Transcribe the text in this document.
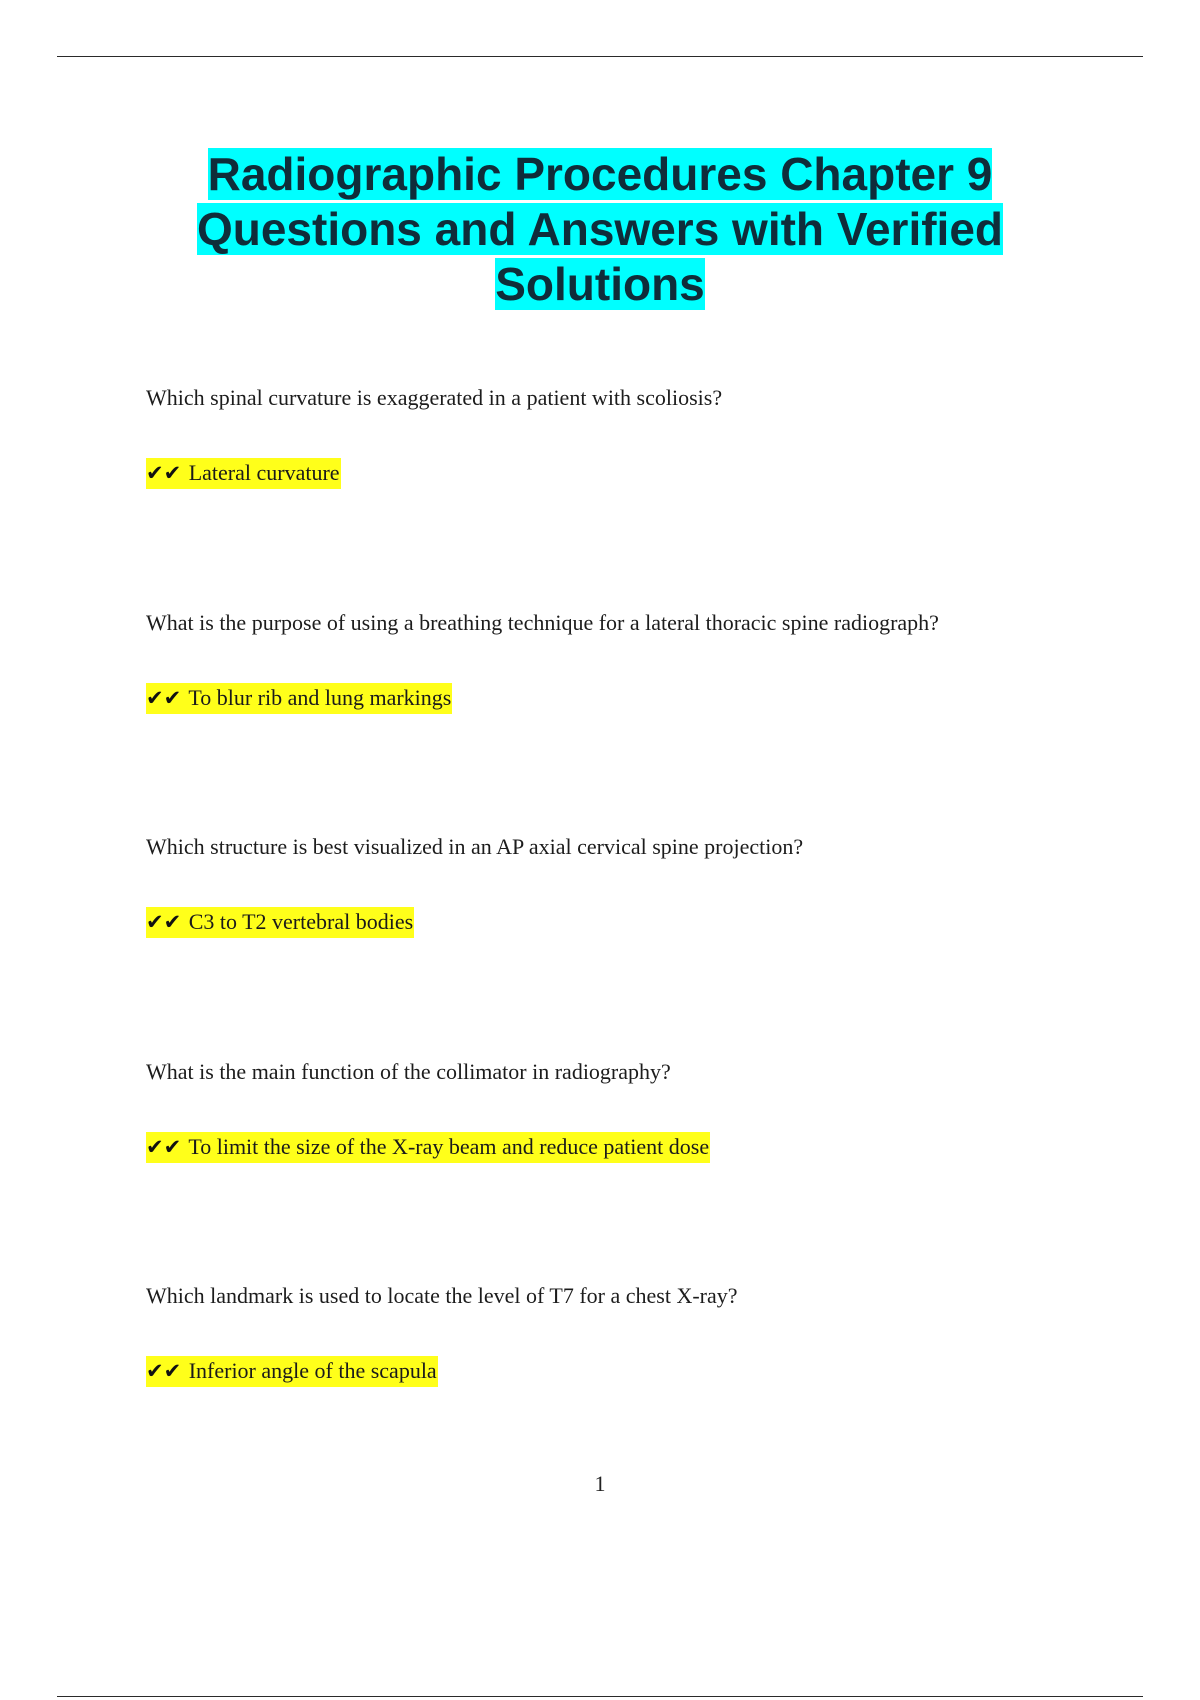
Radiographic Procedures Chapter 9 Questions and Answers with Verified Solutions

Which spinal curvature is exaggerated in a patient with scoliosis?

✔✔ Lateral curvature

What is the purpose of using a breathing technique for a lateral thoracic spine radiograph?

✔✔ To blur rib and lung markings

Which structure is best visualized in an AP axial cervical spine projection?

✔✔ C3 to T2 vertebral bodies

What is the main function of the collimator in radiography?

✔✔ To limit the size of the X-ray beam and reduce patient dose

Which landmark is used to locate the level of T7 for a chest X-ray?

✔✔ Inferior angle of the scapula
1
